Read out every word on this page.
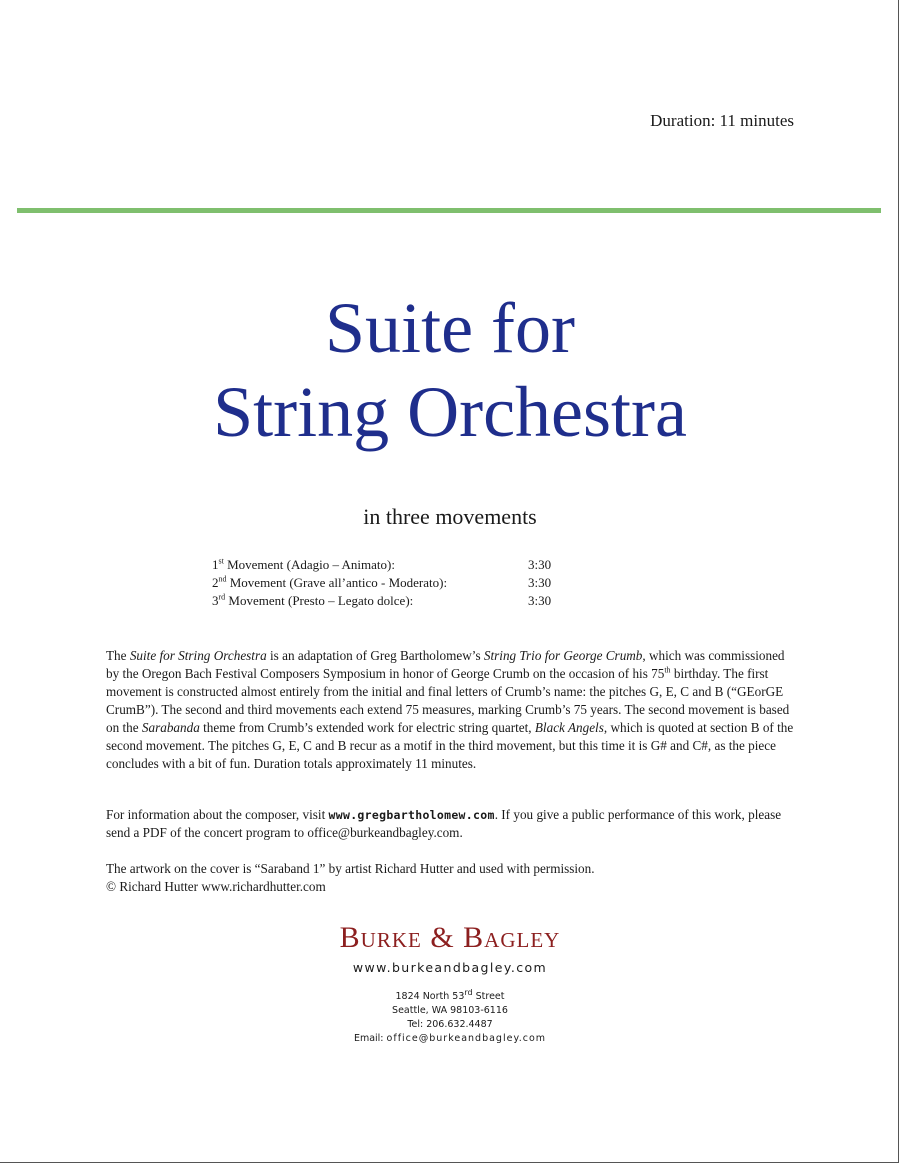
Duration: 11 minutes
Suite for
String Orchestra
in three movements
1st Movement (Adagio – Animato):	3:30
2nd Movement (Grave all’antico - Moderato):	3:30
3rd Movement (Presto – Legato dolce):	3:30

The Suite for String Orchestra is an adaptation of Greg Bartholomew’s String Trio for George Crumb, which was commissioned by the Oregon Bach Festival Composers Symposium in honor of George Crumb on the occasion of his 75th birthday. The first movement is constructed almost entirely from the initial and final letters of Crumb’s name: the pitches G, E, C and B (“GEorGE CrumB”). The second and third movements each extend 75 measures, marking Crumb’s 75 years. The second movement is based on the Sarabanda theme from Crumb’s extended work for electric string quartet, Black Angels, which is quoted at section B of the second movement. The pitches G, E, C and B recur as a motif in the third movement, but this time it is G# and C#, as the piece concludes with a bit of fun. Duration totals approximately 11 minutes.

For information about the composer, visit www.gregbartholomew.com. If you give a public performance of this work, please send a PDF of the concert program to office@burkeandbagley.com.

The artwork on the cover is “Saraband 1” by artist Richard Hutter and used with permission.
© Richard Hutter www.richardhutter.com

Burke & Bagley
www.burkeandbagley.com
1824 North 53rd Street
Seattle, WA 98103-6116
Tel: 206.632.4487
Email: office@burkeandbagley.com
